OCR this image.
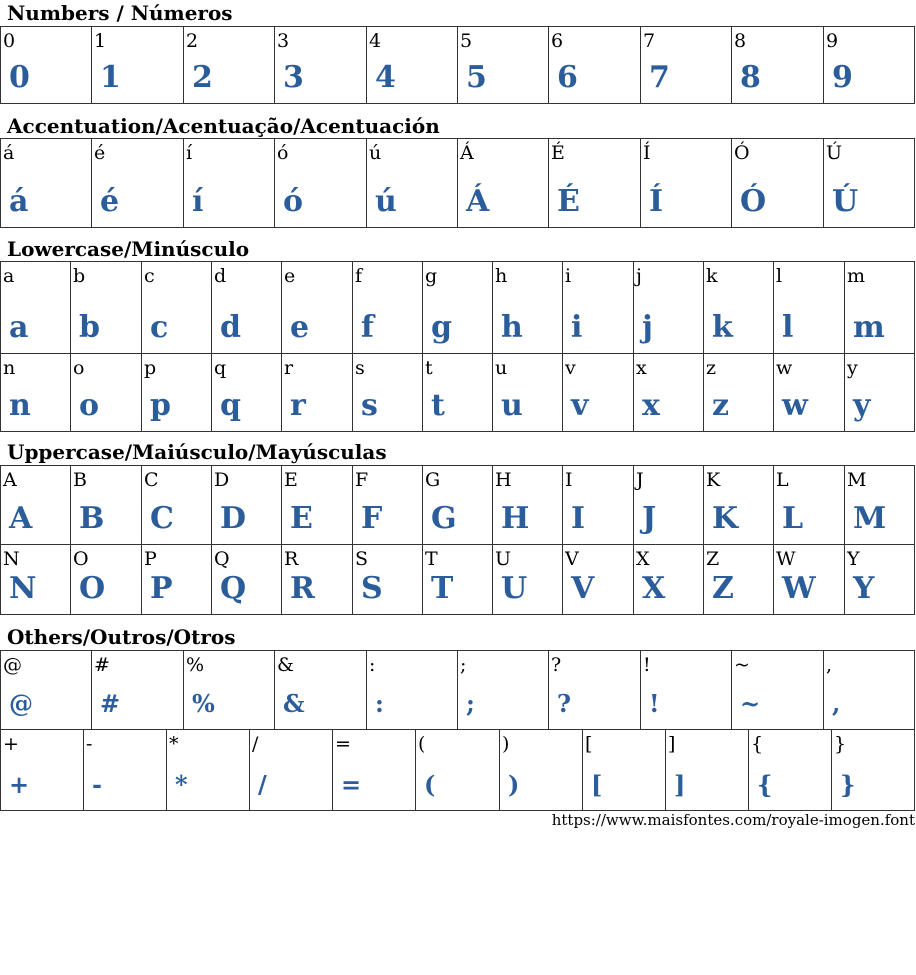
Numbers / Números
0
0
1
1
2
2
3
3
4
4
5
5
6
6
7
7
8
8
9
9
Accentuation/Acentuação/Acentuación
á
á
é
é
í
í
ó
ó
ú
ú
Á
Á
É
É
Í
Í
Ó
Ó
Ú
Ú
Lowercase/Minúsculo
a
a
b
b
c
c
d
d
e
e
f
f
g
g
h
h
i
i
j
j
k
k
l
l
m
m
n
n
o
o
p
p
q
q
r
r
s
s
t
t
u
u
v
v
x
x
z
z
w
w
y
y
Uppercase/Maiúsculo/Mayúsculas
A
A
B
B
C
C
D
D
E
E
F
F
G
G
H
H
I
I
J
J
K
K
L
L
M
M
N
N
O
O
P
P
Q
Q
R
R
S
S
T
T
U
U
V
V
X
X
Z
Z
W
W
Y
Y
Others/Outros/Otros
@
@
#
#
%
%
&
&
:
:
;
;
?
?
!
!
~
~
,
,
+
+
-
-
*
*
/
/
=
=
(
(
)
)
[
[
]
]
{
{
}
}
https://www.maisfontes.com/royale-imogen.font
